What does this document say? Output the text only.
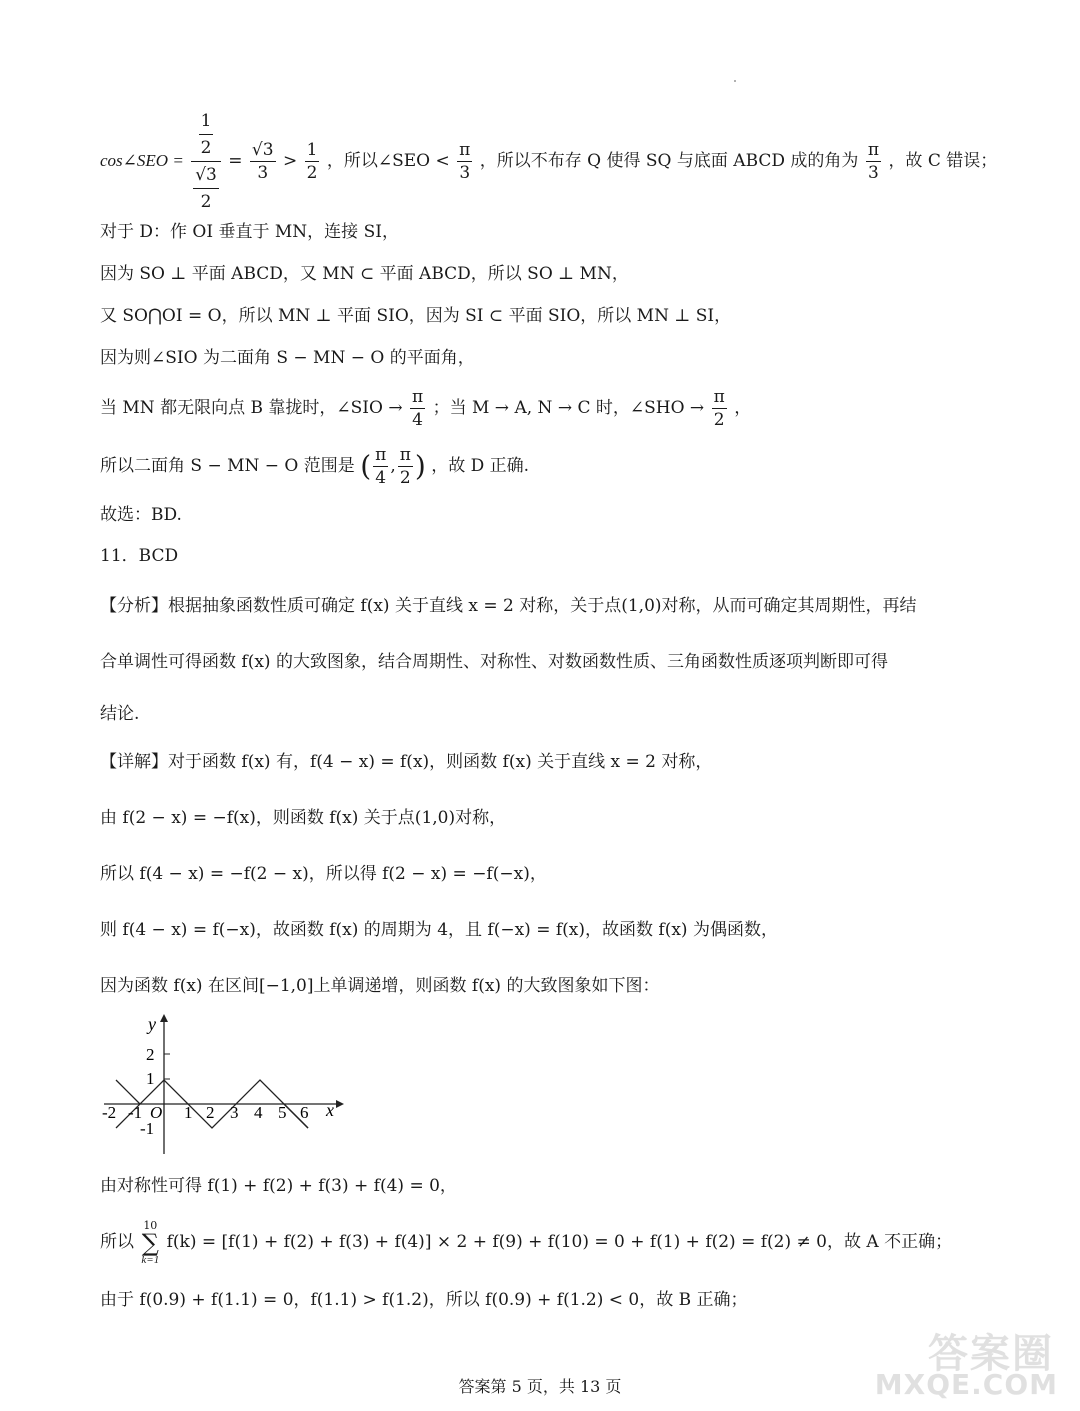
cos∠SEO = $\frac{\frac{1}{2}}{\frac{√3}{2}} = \frac{√3}{3} > \frac{1}{2}$ ，所以∠SEO < $\frac{\pi}{3}$ ，所以不布存 Q 使得 SQ 与底面 ABCD 成的角为 $\frac{\pi}{3}$ ，故 C 错误；
对于 D：作 OI 垂直于 MN，连接 SI，
因为 SO ⊥ 平面 ABCD，又 MN ⊂ 平面 ABCD，所以 SO ⊥ MN，
又 SO⋂OI = O，所以 MN ⊥ 平面 SIO，因为 SI ⊂ 平面 SIO，所以 MN ⊥ SI，
因为则∠SIO 为二面角 S − MN − O 的平面角，
当 MN 都无限向点 B 靠拢时，∠SIO → $\frac{\pi}{4}$ ；当 M → A, N → C 时，∠SHO → $\frac{\pi}{2}$ ，
所以二面角 S − MN − O 范围是 ( $\frac{\pi}{4}$ , $\frac{\pi}{2}$ ) ，故 D 正确.
故选：BD.
11．BCD
【分析】根据抽象函数性质可确定 f(x) 关于直线 x = 2 对称，关于点(1,0)对称，从而可确定其周期性，再结
合单调性可得函数 f(x) 的大致图象，结合周期性、对称性、对数函数性质、三角函数性质逐项判断即可得
结论.
【详解】对于函数 f(x) 有，f(4 − x) = f(x)，则函数 f(x) 关于直线 x = 2 对称，
由 f(2 − x) = −f(x)，则函数 f(x) 关于点(1,0)对称，
所以 f(4 − x) = −f(2 − x)，所以得 f(2 − x) = −f(−x)，
则 f(4 − x) = f(−x)，故函数 f(x) 的周期为 4，且 f(−x) = f(x)，故函数 f(x) 为偶函数，
因为函数 f(x) 在区间[−1,0]上单调递增，则函数 f(x) 的大致图象如下图：
y
x
2
1
-1
-2 -1 O 1 2 3 4 5 6
由对称性可得 f(1) + f(2) + f(3) + f(4) = 0，
所以
10
∑
k=1
f(k) = [f(1) + f(2) + f(3) + f(4)] × 2 + f(9) + f(10) = 0 + f(1) + f(2) = f(2) ≠ 0，故 A 不正确；
由于 f(0.9) + f(1.1) = 0，f(1.1) > f(1.2)，所以 f(0.9) + f(1.2) < 0，故 B 正确；
答案圈
MXQE.COM
答案第 5 页，共 13 页
